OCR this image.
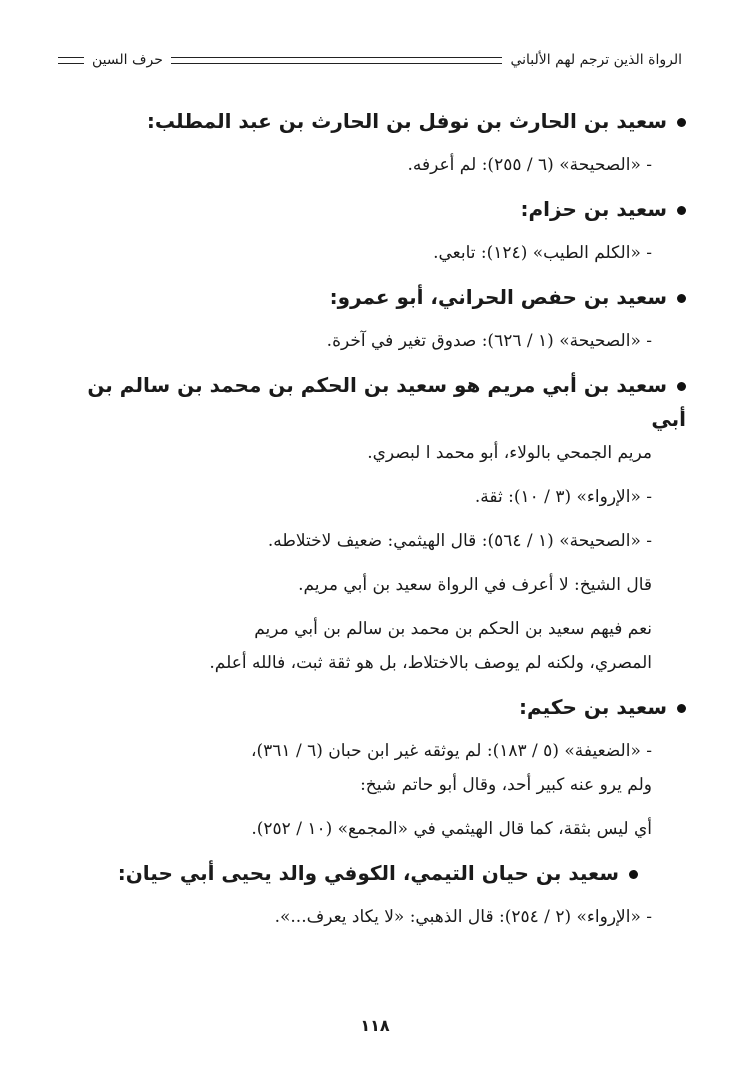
الرواة الذين ترجم لهم الألباني
حرف السين
سعيد بن الحارث بن نوفل بن الحارث بن عبد المطلب:
- «الصحيحة» (٦ / ٢٥٥): لم أعرفه.
سعيد بن حزام:
- «الكلم الطيب» (١٢٤): تابعي.
سعيد بن حفص الحراني، أبو عمرو:
- «الصحيحة» (١ / ٦٢٦): صدوق تغير في آخرة.
سعيد بن أبي مريم هو سعيد بن الحكم بن محمد بن سالم بن أبي
مريم الجمحي بالولاء، أبو محمد ا لبصري.
- «الإرواء» (٣ / ١٠): ثقة.
- «الصحيحة» (١ / ٥٦٤): قال الهيثمي: ضعيف لاختلاطه.
قال الشيخ: لا أعرف في الرواة سعيد بن أبي مريم.
نعم فيهم سعيد بن الحكم بن محمد بن سالم بن أبي مريم
المصري، ولكنه لم يوصف بالاختلاط، بل هو ثقة ثبت، فالله أعلم.
سعيد بن حكيم:
- «الضعيفة» (٥ / ١٨٣): لم يوثقه غير ابن حبان (٦ / ٣٦١)،
ولم يرو عنه كبير أحد، وقال أبو حاتم شيخ:
أي ليس بثقة، كما قال الهيثمي في «المجمع» (١٠ / ٢٥٢).
سعيد بن حيان التيمي، الكوفي والد يحيى أبي حيان:
- «الإرواء» (٢ / ٢٥٤): قال الذهبي: «لا يكاد يعرف...».
١١٨
